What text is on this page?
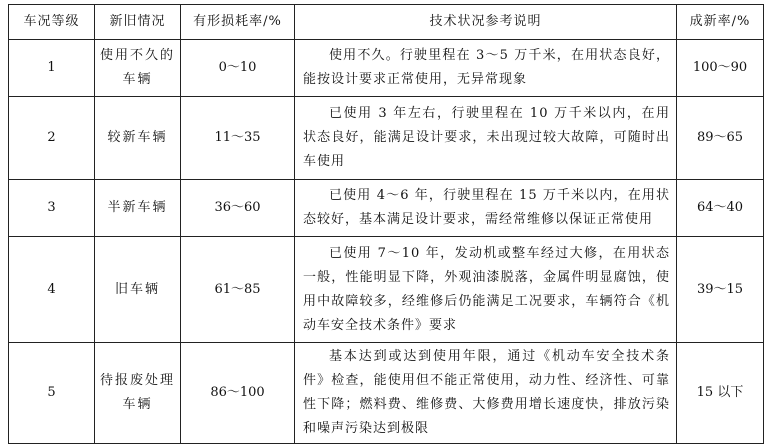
车况等级	新旧情况	有形损耗率/%	技术状况参考说明	成新率/%
1	使用不久的车辆	0～10	使用不久。行驶里程在 3～5 万千米，在用状态良好，能按设计要求正常使用，无异常现象	100～90
2	较新车辆	11～35	已使用 3 年左右，行驶里程在 10 万千米以内，在用状态良好，能满足设计要求，未出现过较大故障，可随时出车使用	89～65
3	半新车辆	36～60	已使用 4～6 年，行驶里程在 15 万千米以内，在用状态较好，基本满足设计要求，需经常维修以保证正常使用	64～40
4	旧车辆	61～85	已使用 7～10 年，发动机或整车经过大修，在用状态一般，性能明显下降，外观油漆脱落，金属件明显腐蚀，使用中故障较多，经维修后仍能满足工况要求，车辆符合《机动车安全技术条件》要求	39～15
5	待报废处理车辆	86～100	基本达到或达到使用年限，通过《机动车安全技术条件》检查，能使用但不能正常使用，动力性、经济性、可靠性下降；燃料费、维修费、大修费用增长速度快，排放污染和噪声污染达到极限	15 以下
